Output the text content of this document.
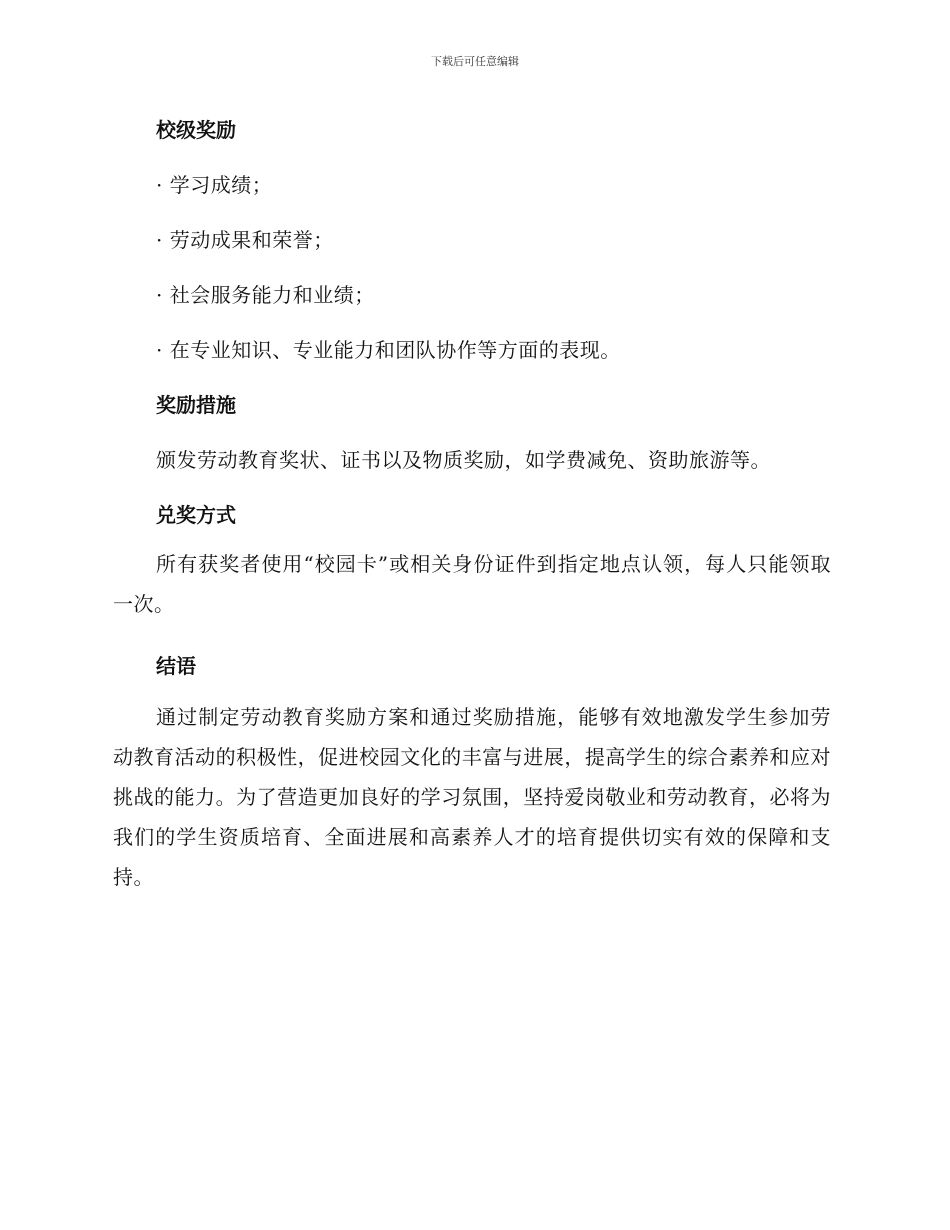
下载后可任意编辑
校级奖励
· 学习成绩；
· 劳动成果和荣誉；
· 社会服务能力和业绩；
· 在专业知识、专业能力和团队协作等方面的表现。
奖励措施
颁发劳动教育奖状、证书以及物质奖励，如学费减免、资助旅游等。
兑奖方式
所有获奖者使用“校园卡”或相关身份证件到指定地点认领，每人只能领取一次。
结语
通过制定劳动教育奖励方案和通过奖励措施，能够有效地激发学生参加劳动教育活动的积极性，促进校园文化的丰富与进展，提高学生的综合素养和应对挑战的能力。为了营造更加良好的学习氛围，坚持爱岗敬业和劳动教育，必将为我们的学生资质培育、全面进展和高素养人才的培育提供切实有效的保障和支持。
